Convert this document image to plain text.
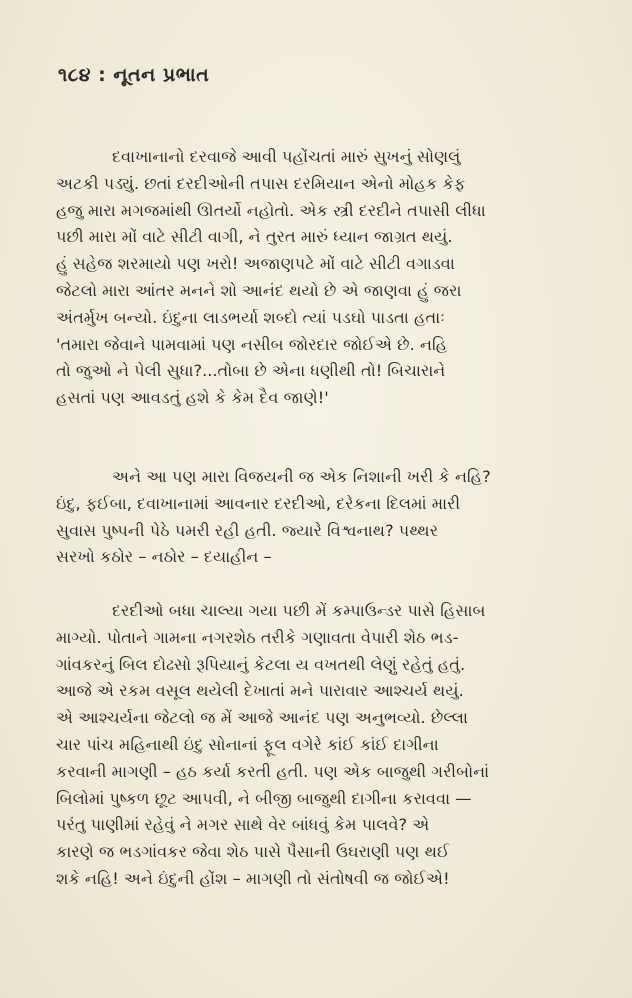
૧૮૪ : નૂતન પ્રભાત
દવાખાનાનો દરવાજે આવી પહોંચતાં મારું સુખનું સોણલું
અટકી પડ્યું. છતાં દરદીઓની તપાસ દરમિયાન એનો મોહક કેફ
હજુ મારા મગજમાંથી ઊતર્યો નહોતો. એક સ્ત્રી દરદીને તપાસી લીધા
પછી મારા મોં વાટે સીટી વાગી, ને તુરત મારું ધ્યાન જાગ્રત થયું.
હું સહેજ શરમાયો પણ ખરો! અજાણપટે મોં વાટે સીટી વગાડવા
જેટલો મારા આંતર મનને શો આનંદ થયો છે એ જાણવા હું જરા
અંતર્મુખ બન્યો. ઇંદુના લાડભર્યા શબ્દો ત્યાં પડઘો પાડતા હતાઃ
'તમારા જેવાને પામવામાં પણ નસીબ જોરદાર જોઈએ છે. નહિ
તો જુઓ ને પેલી સુધા?...તોબા છે એના ધણીથી તો! બિચારાને
હસતાં પણ આવડતું હશે કે કેમ દૈવ જાણે!'
અને આ પણ મારા વિજયની જ એક નિશાની ખરી કે નહિ?
ઇંદુ, ફઈબા, દવાખાનામાં આવનાર દરદીઓ, દરેકના દિલમાં મારી
સુવાસ પુષ્પની પેઠે પમરી રહી હતી. જ્યારે વિશ્વનાથ? પથ્થર
સરખો કઠોર – નઠોર – દયાહીન –
દરદીઓ બધા ચાલ્યા ગયા પછી મેં કમ્પાઉન્ડર પાસે હિસાબ
માગ્યો. પોતાને ગામના નગરશેઠ તરીકે ગણાવતા વેપારી શેઠ ભડ-
ગાંવકરનું બિલ દોઢસો રૂપિયાનું કેટલા ય વખતથી લેણું રહેતું હતું.
આજે એ રકમ વસૂલ થયેલી દેખાતાં મને પારાવાર આશ્ચર્ય થયું.
એ આશ્ચર્યના જેટલો જ મેં આજે આનંદ પણ અનુભવ્યો. છેલ્લા
ચાર પાંચ મહિનાથી ઇંદુ સોનાનાં ફૂલ વગેરે કાંઈ કાંઈ દાગીના
કરવાની માગણી – હઠ કર્યા કરતી હતી. પણ એક બાજુથી ગરીબોનાં
બિલોમાં પુષ્કળ છૂટ આપવી, ને બીજી બાજુથી દાગીના કરાવવા —
પરંતુ પાણીમાં રહેવું ને મગર સાથે વેર બાંધવું કેમ પાલવે? એ
કારણે જ ભડગાંવકર જેવા શેઠ પાસે પૈસાની ઉઘરાણી પણ થઈ
શકે નહિ! અને ઇંદુની હોંશ – માગણી તો સંતોષવી જ જોઈએ!
